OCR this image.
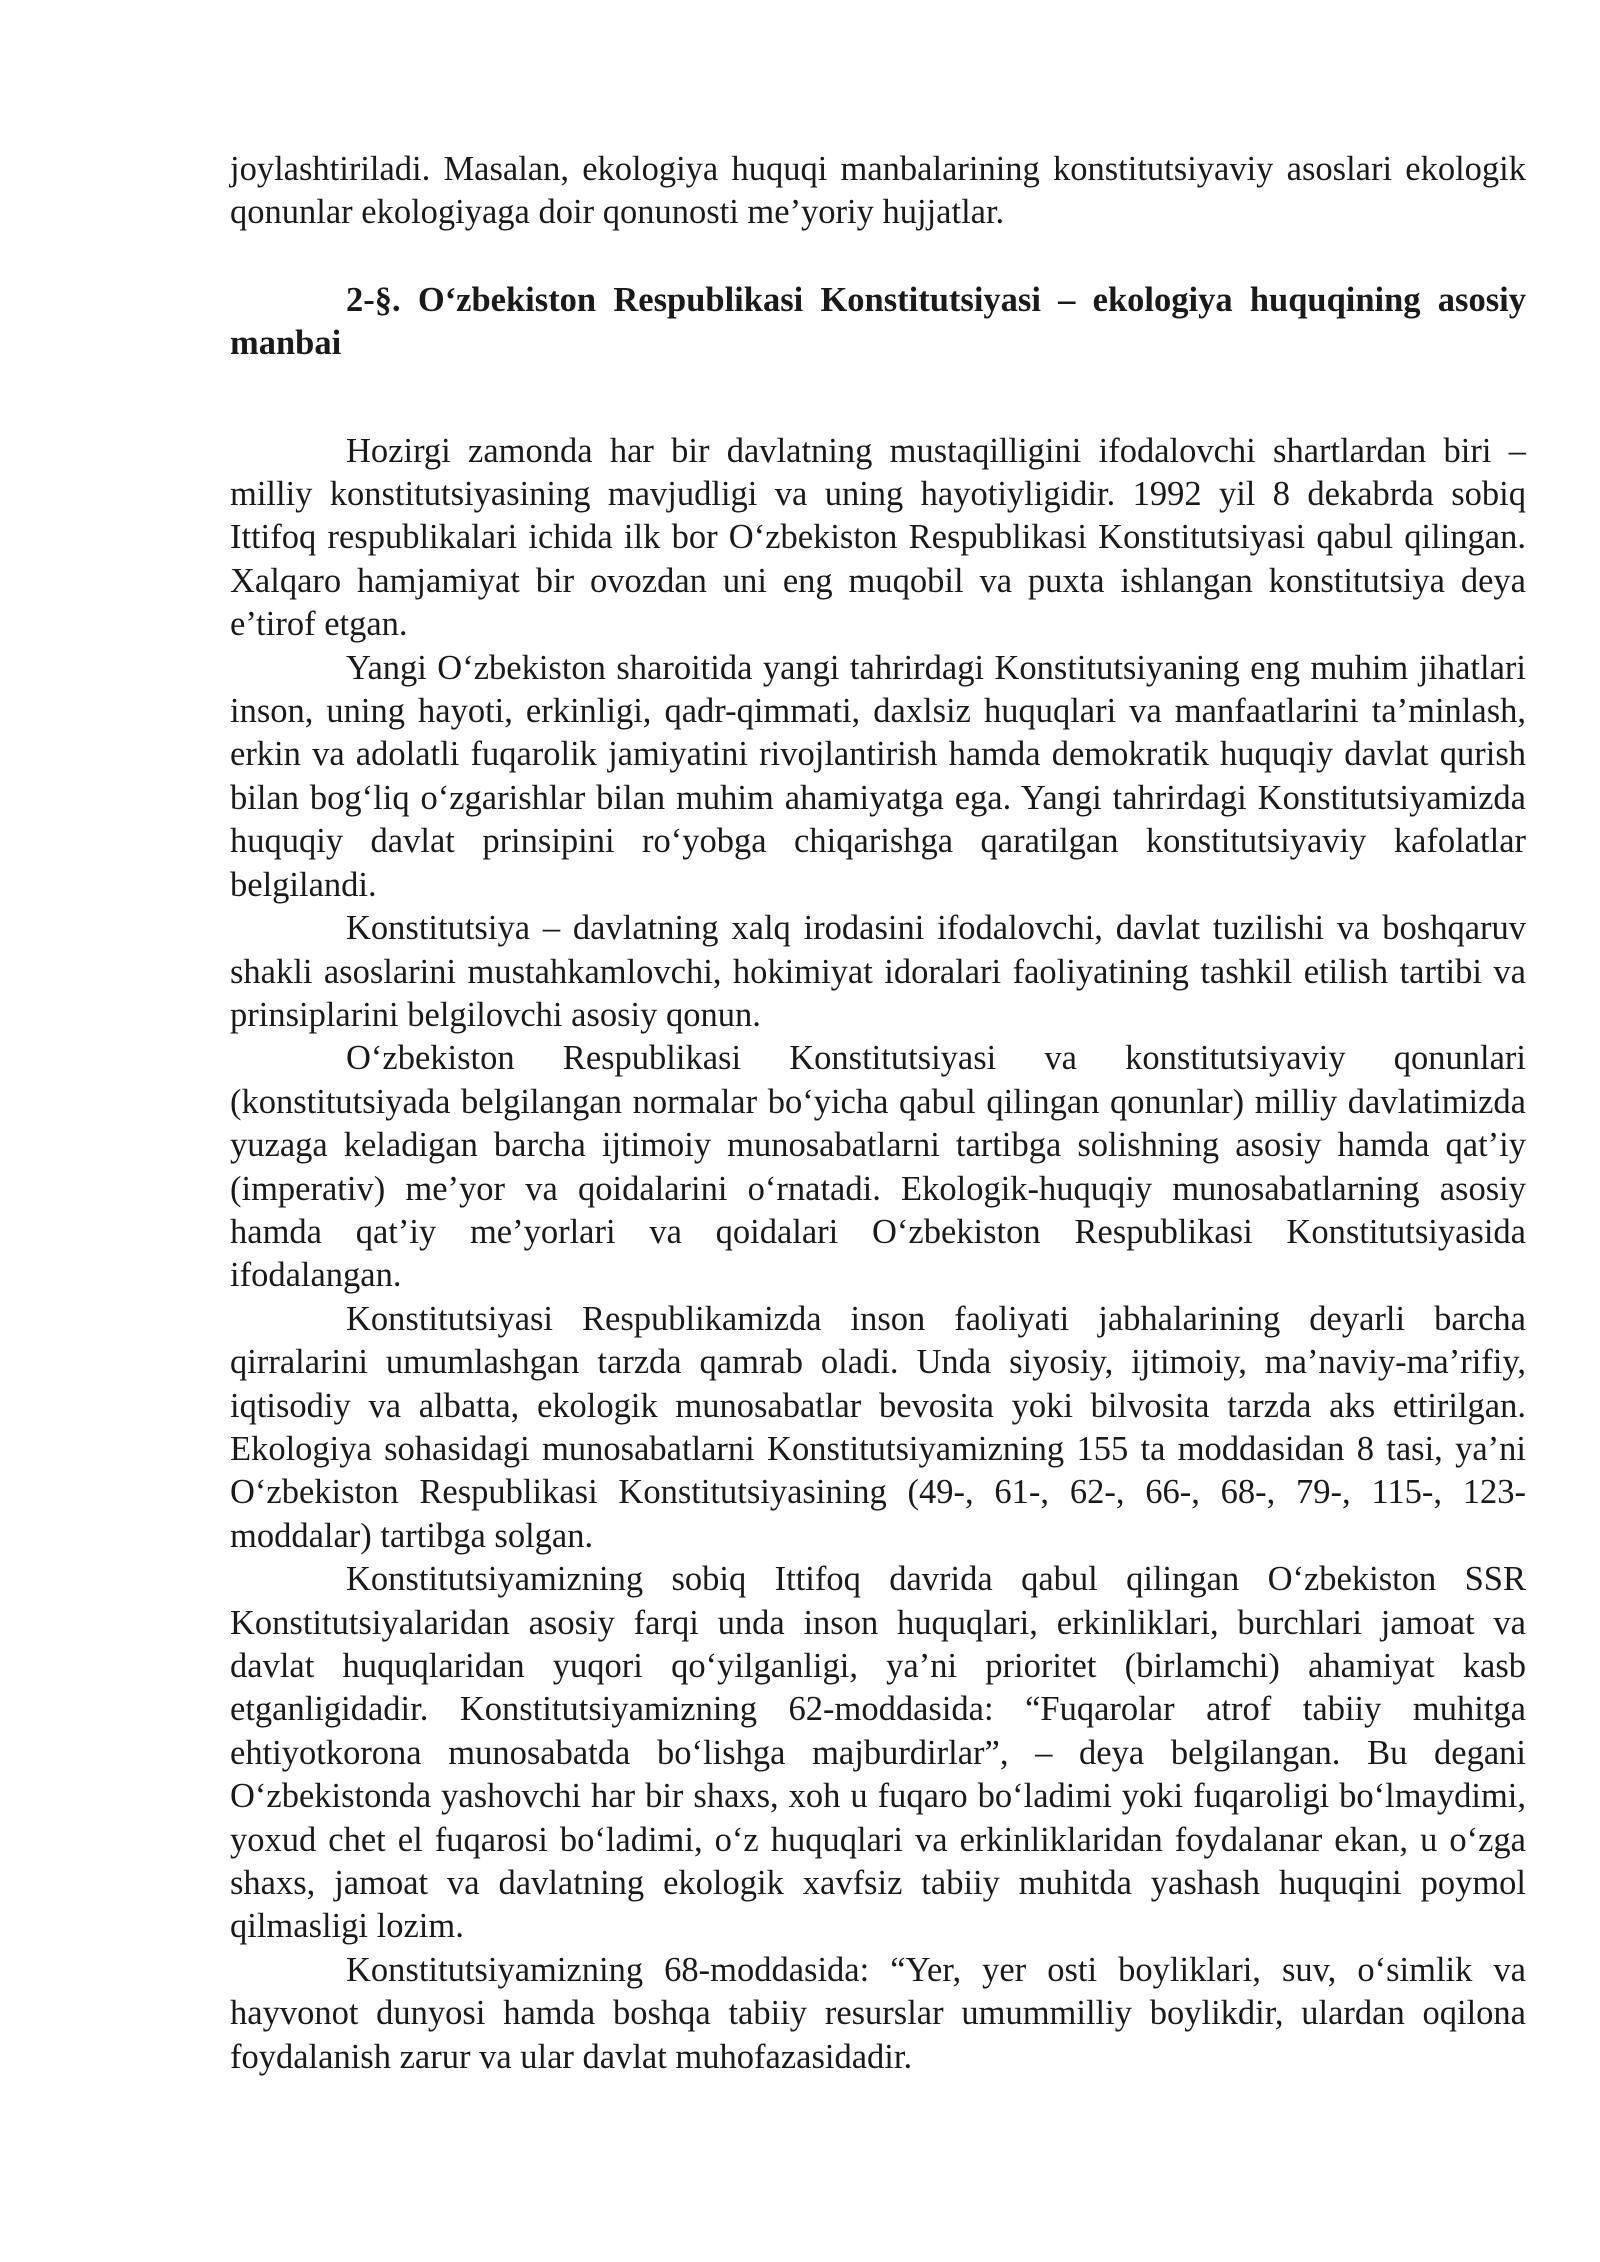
joylashtiriladi. Masalan, ekologiya huquqi manbalarining konstitutsiyaviy asoslari ekologik qonunlar ekologiyaga doir qonunosti me’yoriy hujjatlar.

2-§. O‘zbekiston Respublikasi Konstitutsiyasi – ekologiya huquqining asosiy manbai

Hozirgi zamonda har bir davlatning mustaqilligini ifodalovchi shartlardan biri – milliy konstitutsiyasining mavjudligi va uning hayotiyligidir. 1992 yil 8 dekabrda sobiq Ittifoq respublikalari ichida ilk bor O‘zbekiston Respublikasi Konstitutsiyasi qabul qilingan. Xalqaro hamjamiyat bir ovozdan uni eng muqobil va puxta ishlangan konstitutsiya deya e’tirof etgan.

Yangi O‘zbekiston sharoitida yangi tahrirdagi Konstitutsiyaning eng muhim jihatlari inson, uning hayoti, erkinligi, qadr-qimmati, daxlsiz huquqlari va manfaatlarini ta’minlash, erkin va adolatli fuqarolik jamiyatini rivojlantirish hamda demokratik huquqiy davlat qurish bilan bog‘liq o‘zgarishlar bilan muhim ahamiyatga ega. Yangi tahrirdagi Konstitutsiyamizda huquqiy davlat prinsipini ro‘yobga chiqarishga qaratilgan konstitutsiyaviy kafolatlar belgilandi.

Konstitutsiya – davlatning xalq irodasini ifodalovchi, davlat tuzilishi va boshqaruv shakli asoslarini mustahkamlovchi, hokimiyat idoralari faoliyatining tashkil etilish tartibi va prinsiplarini belgilovchi asosiy qonun.

O‘zbekiston Respublikasi Konstitutsiyasi va konstitutsiyaviy qonunlari (konstitutsiyada belgilangan normalar bo‘yicha qabul qilingan qonunlar) milliy davlatimizda yuzaga keladigan barcha ijtimoiy munosabatlarni tartibga solishning asosiy hamda qat’iy (imperativ) me’yor va qoidalarini o‘rnatadi. Ekologik-huquqiy munosabatlarning asosiy hamda qat’iy me’yorlari va qoidalari O‘zbekiston Respublikasi Konstitutsiyasida ifodalangan.

Konstitutsiyasi Respublikamizda inson faoliyati jabhalarining deyarli barcha qirralarini umumlashgan tarzda qamrab oladi. Unda siyosiy, ijtimoiy, ma’naviy-ma’rifiy, iqtisodiy va albatta, ekologik munosabatlar bevosita yoki bilvosita tarzda aks ettirilgan. Ekologiya sohasidagi munosabatlarni Konstitutsiyamizning 155 ta moddasidan 8 tasi, ya’ni O‘zbekiston Respublikasi Konstitutsiyasining (49-, 61-, 62-, 66-, 68-, 79-, 115-, 123-moddalar) tartibga solgan.

Konstitutsiyamizning sobiq Ittifoq davrida qabul qilingan O‘zbekiston SSR Konstitutsiyalaridan asosiy farqi unda inson huquqlari, erkinliklari, burchlari jamoat va davlat huquqlaridan yuqori qo‘yilganligi, ya’ni prioritet (birlamchi) ahamiyat kasb etganligidadir. Konstitutsiyamizning 62-moddasida: “Fuqarolar atrof tabiiy muhitga ehtiyotkorona munosabatda bo‘lishga majburdirlar”, – deya belgilangan. Bu degani O‘zbekistonda yashovchi har bir shaxs, xoh u fuqaro bo‘ladimi yoki fuqaroligi bo‘lmaydimi, yoxud chet el fuqarosi bo‘ladimi, o‘z huquqlari va erkinliklaridan foydalanar ekan, u o‘zga shaxs, jamoat va davlatning ekologik xavfsiz tabiiy muhitda yashash huquqini poymol qilmasligi lozim.

Konstitutsiyamizning 68-moddasida: “Yer, yer osti boyliklari, suv, o‘simlik va hayvonot dunyosi hamda boshqa tabiiy resurslar umummilliy boylikdir, ulardan oqilona foydalanish zarur va ular davlat muhofazasidadir.
